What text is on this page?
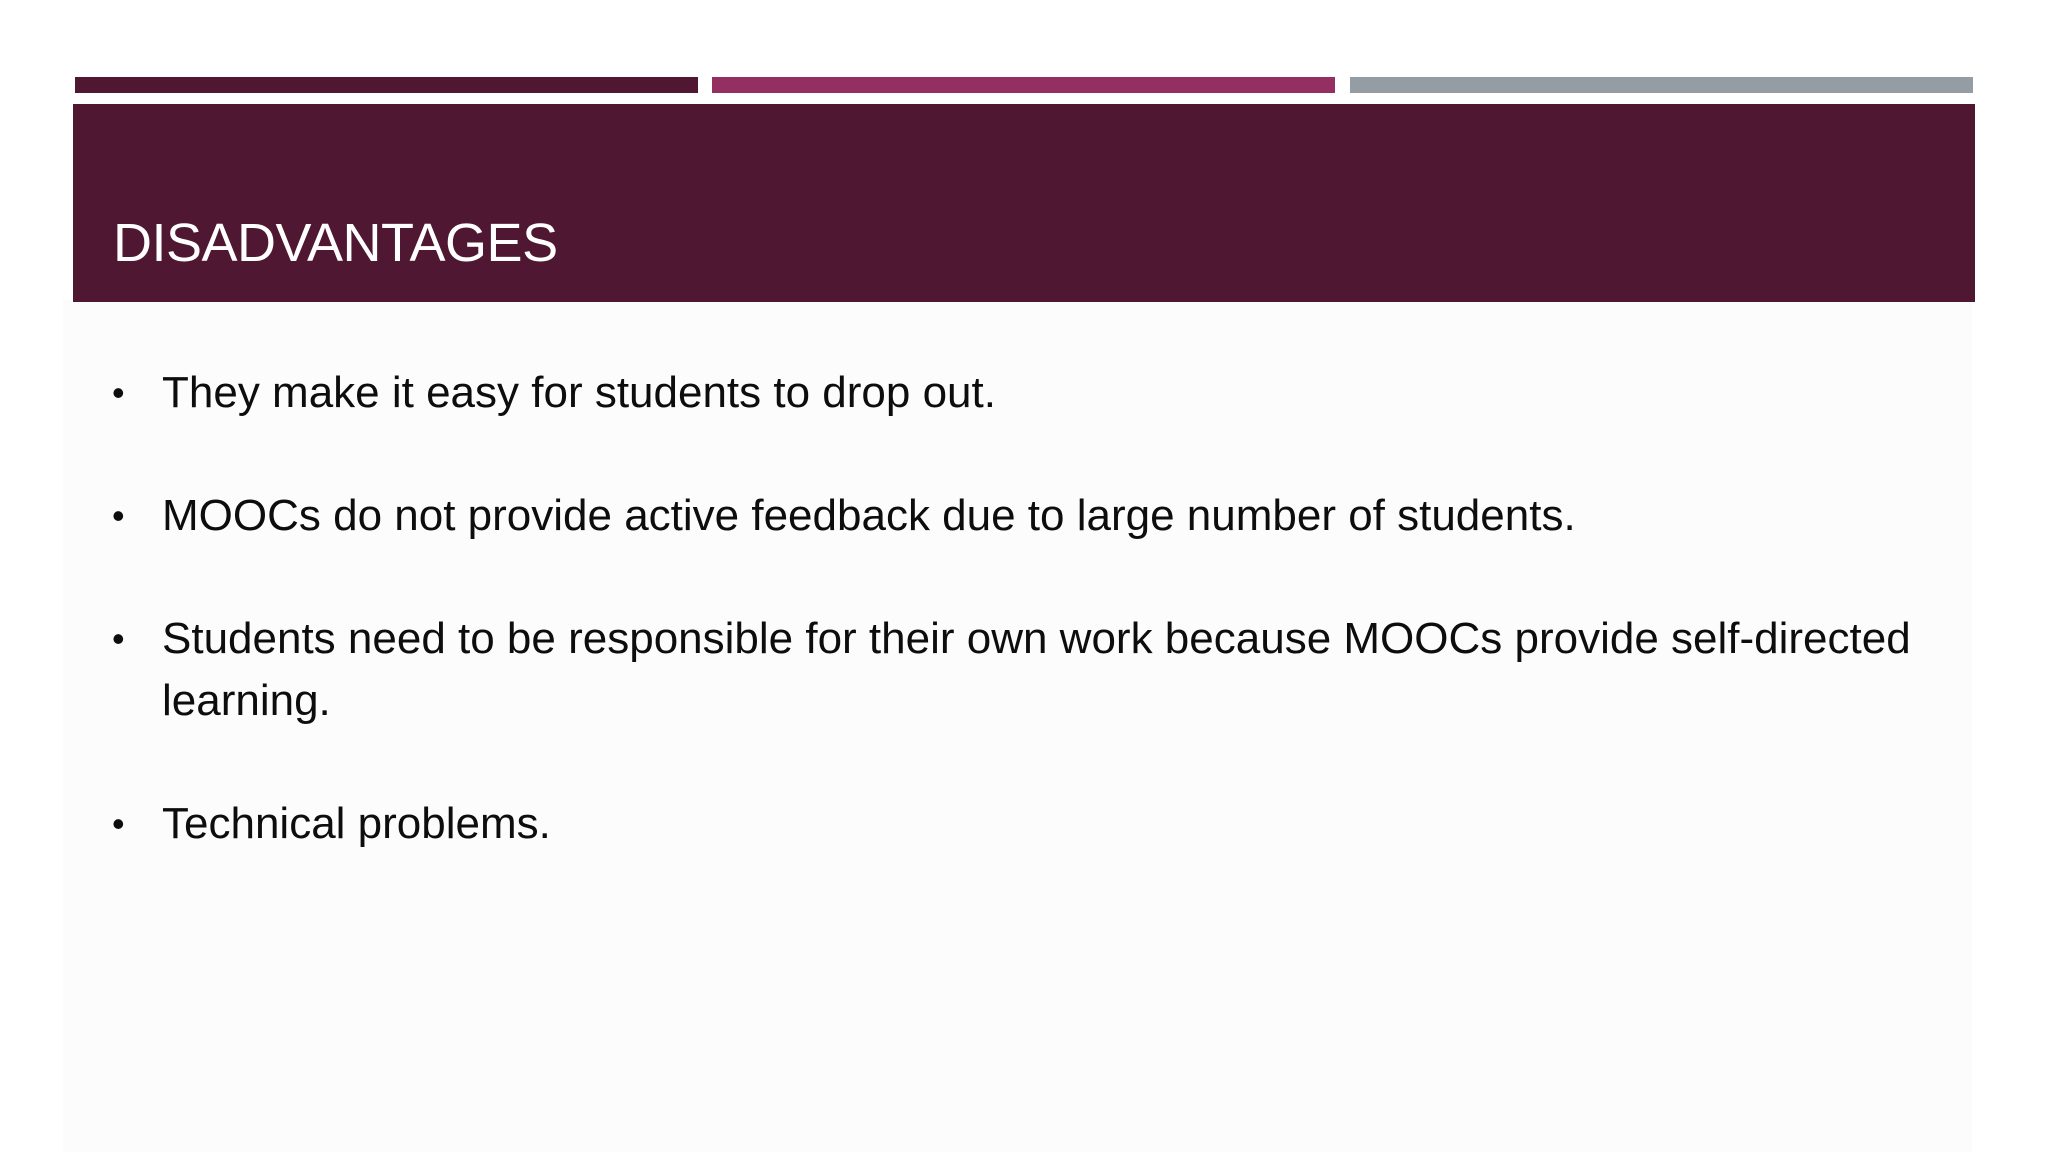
DISADVANTAGES
• They make it easy for students to drop out.
• MOOCs do not provide active feedback due to large number of students.
• Students need to be responsible for their own work because MOOCs provide self-directed learning.
• Technical problems.
